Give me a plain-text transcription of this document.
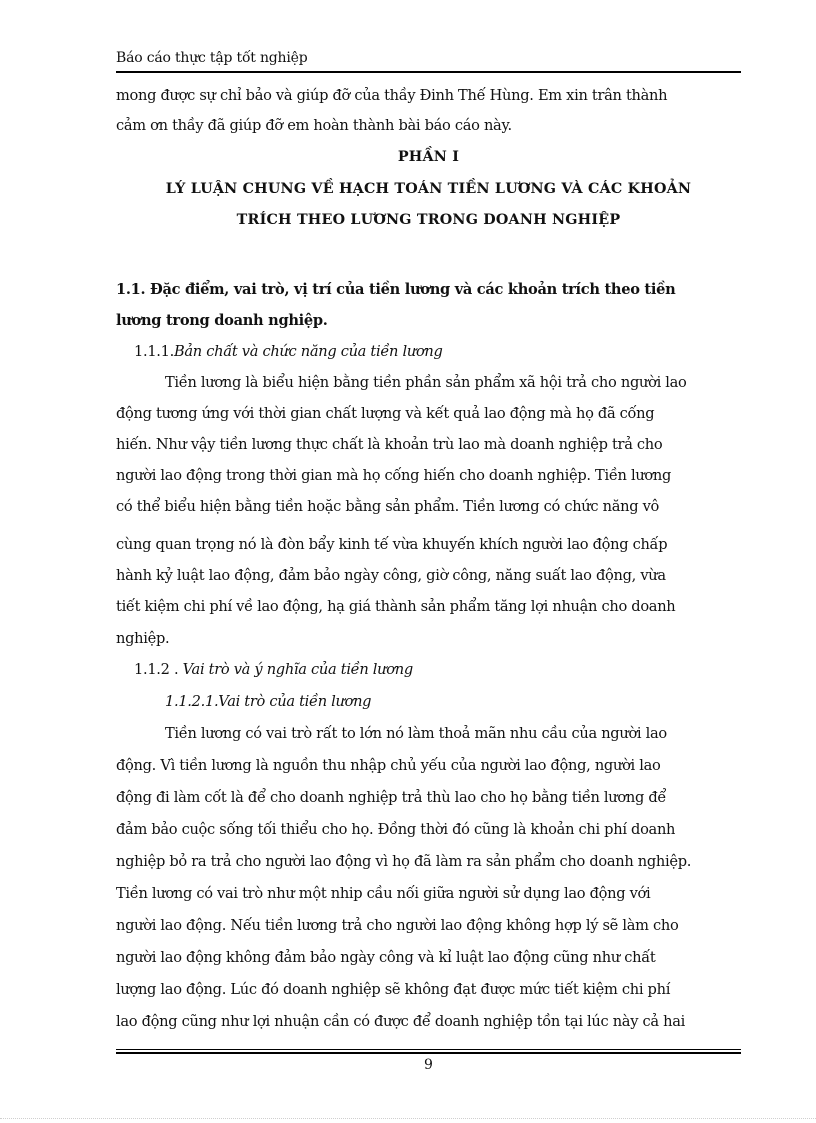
Báo cáo thực tập tốt nghiệp
mong được sự chỉ bảo và giúp đỡ của thầy Đinh Thế Hùng. Em xin trân thành
cảm ơn thầy đã giúp đỡ em hoàn thành bài báo cáo này.
PHẦN I
LÝ LUẬN CHUNG VỀ HẠCH TOÁN TIỀN LƯƠNG VÀ CÁC KHOẢN
TRÍCH THEO LƯƠNG TRONG DOANH NGHIỆP
1.1. Đặc điểm, vai trò, vị trí của tiền lương và các khoản trích theo tiền
lương trong doanh nghiệp.
1.1.1.Bản chất và chức năng của tiền lương
Tiền lương là biểu hiện bằng tiền phần sản phẩm xã hội trả cho người lao
động tương ứng với thời gian chất lượng và kết quả lao động mà họ đã cống
hiến. Như vậy tiền lương thực chất là khoản trù lao mà doanh nghiệp trả cho
người lao động trong thời gian mà họ cống hiến cho doanh nghiệp. Tiền lương
có thể biểu hiện bằng tiền hoặc bằng sản phẩm. Tiền lương có chức năng vô
cùng quan trọng nó là đòn bẩy kinh tế vừa khuyến khích người lao động chấp
hành kỷ luật lao động, đảm bảo ngày công, giờ công, năng suất lao động, vừa
tiết kiệm chi phí về lao động, hạ giá thành sản phẩm tăng lợi nhuận cho doanh
nghiệp.
1.1.2 . Vai trò và ý nghĩa của tiền lương
1.1.2.1.Vai trò của tiền lương
Tiền lương có vai trò rất to lớn nó làm thoả mãn nhu cầu của người lao
động. Vì tiền lương là nguồn thu nhập chủ yếu của người lao động, người lao
động đi làm cốt là để cho doanh nghiệp trả thù lao cho họ bằng tiền lương để
đảm bảo cuộc sống tối thiểu cho họ. Đồng thời đó cũng là khoản chi phí doanh
nghiệp bỏ ra trả cho người lao động vì họ đã làm ra sản phẩm cho doanh nghiệp.
Tiền lương có vai trò như một nhip cầu nối giữa người sử dụng lao động với
người lao động. Nếu tiền lương trả cho người lao động không hợp lý sẽ làm cho
người lao động không đảm bảo ngày công và kỉ luật lao động cũng như chất
lượng lao động. Lúc đó doanh nghiệp sẽ không đạt được mức tiết kiệm chi phí
lao động cũng như lợi nhuận cần có được để doanh nghiệp tồn tại lúc này cả hai
9
